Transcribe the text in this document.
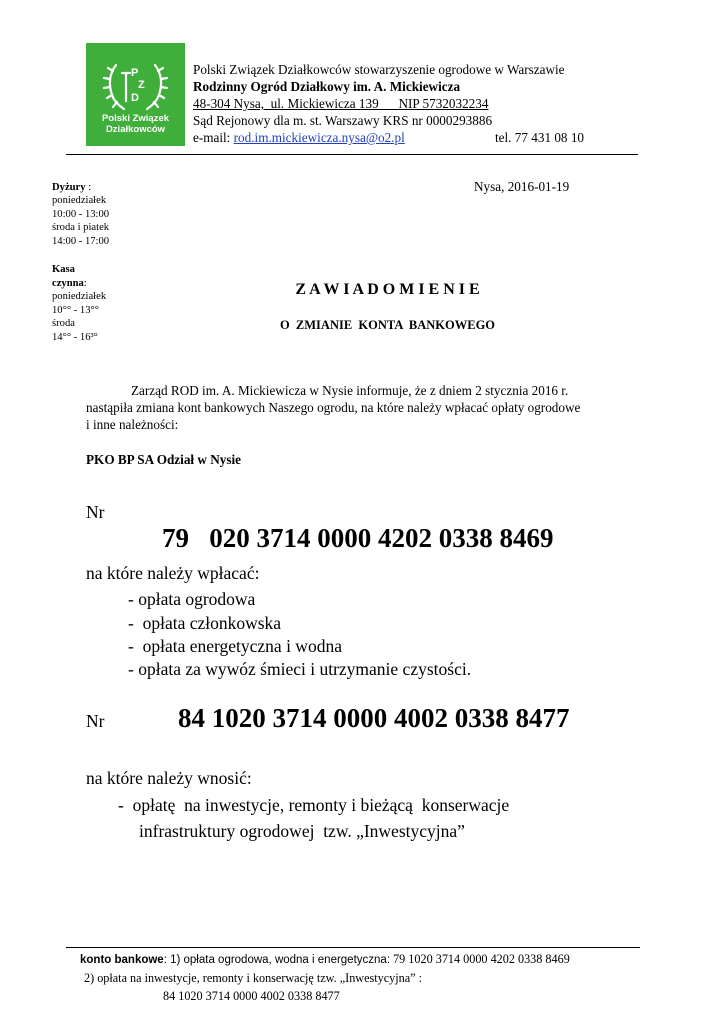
P
Z
D
Polski Związek
Działkowców
Polski Związek Działkowców stowarzyszenie ogrodowe w Warszawie
Rodzinny Ogród Działkowy im. A. Mickiewicza
48-304 Nysa,  ul. Mickiewicza 139      NIP 5732032234
Sąd Rejonowy dla m. st. Warszawy KRS nr 0000293886
e-mail: rod.im.mickiewicza.nysa@o2.pl	tel. 77 431 08 10
Dyżury :
poniedziałek
10:00 - 13:00
środa i piatek
14:00 - 17:00
Kasa
czynna:
poniedziałek
10°° - 13°°
środa
14°° - 16³°
Nysa, 2016-01-19
Z A W I A D O M I E N I E
O  ZMIANIE  KONTA  BANKOWEGO
Zarząd ROD im. A. Mickiewicza w Nysie informuje, że z dniem 2 stycznia 2016 r.
nastąpiła zmiana kont bankowych Naszego ogrodu, na które należy wpłacać opłaty ogrodowe
i inne należności:
PKO BP SA Odział w Nysie
Nr
79   020 3714 0000 4202 0338 8469
na które należy wpłacać:
- opłata ogrodowa
-  opłata członkowska
-  opłata energetyczna i wodna
- opłata za wywóz śmieci i utrzymanie czystości.
Nr	84 1020 3714 0000 4002 0338 8477
na które należy wnosić:
-  opłatę  na inwestycje, remonty i bieżącą  konserwacje
infrastruktury ogrodowej  tzw. „Inwestycyjna”
konto bankowe: 1) opłata ogrodowa, wodna i energetyczna: 79 1020 3714 0000 4202 0338 8469
2) opłata na inwestycje, remonty i konserwację tzw. „Inwestycyjna” :
84 1020 3714 0000 4002 0338 8477
